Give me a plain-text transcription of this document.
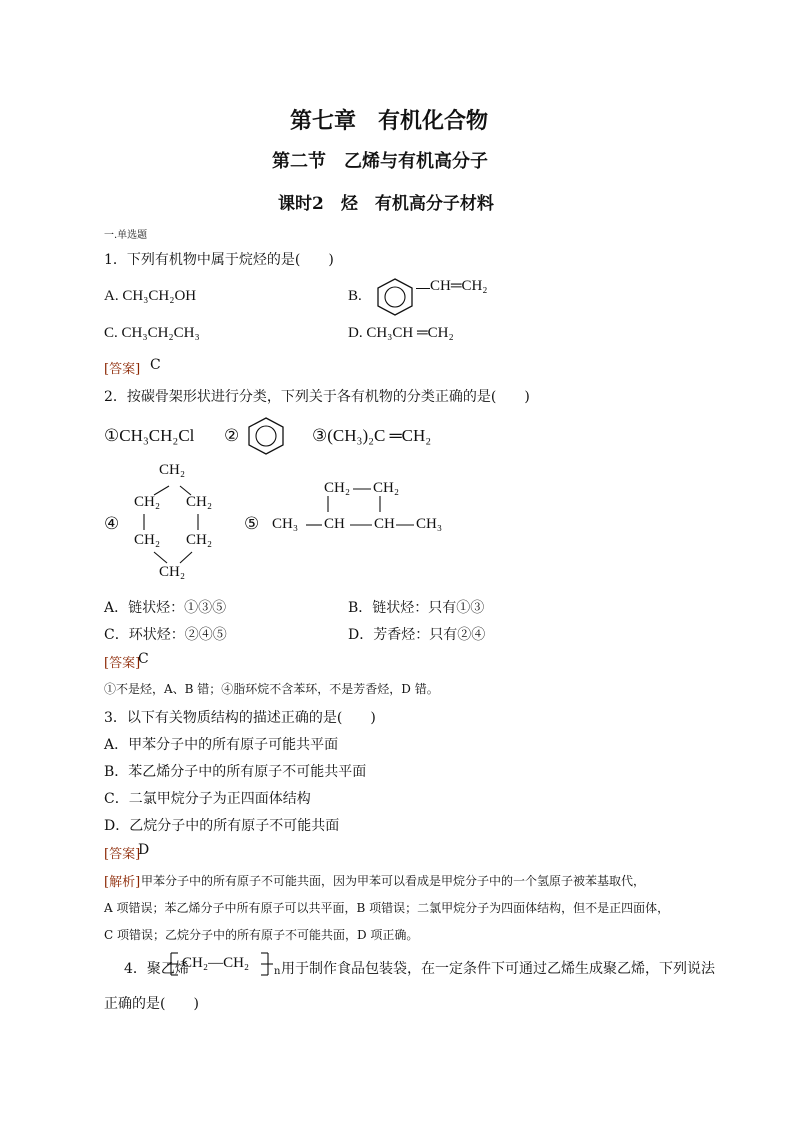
第七章　有机化合物
第二节　乙烯与有机高分子
课时2　烃　有机高分子材料
一.单选题
1．下列有机物中属于烷烃的是(　　)
A. CH₃CH₂OH	B.
CH═CH₂
C. CH₃CH₂CH₃	D. CH₃CH ═CH₂
[答案] C
2．按碳骨架形状进行分类，下列关于各有机物的分类正确的是(　　)
①CH₃CH₂Cl ②	③(CH₃)₂C ═CH₂
④
CH₂
CH₂ CH₂
CH₂ CH₂
CH₂
⑤
CH₂ CH₂
CH₃ CH CH CH₃
A．链状烃：①③⑤	B．链状烃：只有①③
C．环状烃：②④⑤	D．芳香烃：只有②④
[答案]
C
①不是烃，A、B 错；④脂环烷不含苯环，不是芳香烃，D 错。
3．以下有关物质结构的描述正确的是(　　)
A．甲苯分子中的所有原子可能共平面
B．苯乙烯分子中的所有原子不可能共平面
C．二氯甲烷分子为正四面体结构
D．乙烷分子中的所有原子不可能共面
[答案]
D
[解析] 甲苯分子中的所有原子不可能共面，因为甲苯可以看成是甲烷分子中的一个氢原子被苯基取代，
A 项错误；苯乙烯分子中所有原子可以共平面，B 项错误；二氯甲烷分子为四面体结构，但不是正四面体，
C 项错误；乙烷分子中的所有原子不可能共面，D 项正确。
4．聚乙烯
CH₂—CH₂
n 用于制作食品包装袋，在一定条件下可通过乙烯生成聚乙烯，下列说法
正确的是(　　)
